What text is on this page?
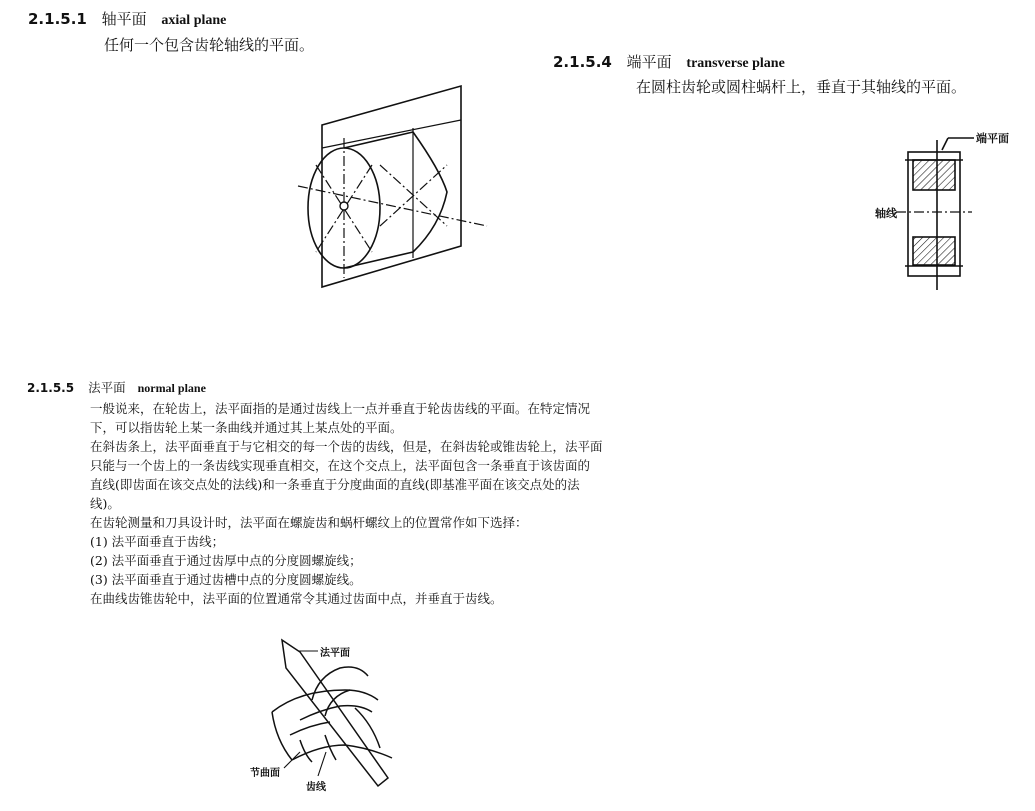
2.1.5.1 轴平面 axial plane
任何一个包含齿轮轴线的平面。
2.1.5.4 端平面 transverse plane
在圆柱齿轮或圆柱蜗杆上，垂直于其轴线的平面。
端平面
轴线
2.1.5.5 法平面 normal plane
一般说来，在轮齿上，法平面指的是通过齿线上一点并垂直于轮齿齿线的平面。在特定情况
下，可以指齿轮上某一条曲线并通过其上某点处的平面。
在斜齿条上，法平面垂直于与它相交的每一个齿的齿线，但是，在斜齿轮或锥齿轮上，法平面
只能与一个齿上的一条齿线实现垂直相交，在这个交点上，法平面包含一条垂直于该齿面的
直线(即齿面在该交点处的法线)和一条垂直于分度曲面的直线(即基准平面在该交点处的法
线)。
在齿轮测量和刀具设计时，法平面在螺旋齿和蜗杆螺纹上的位置常作如下选择：
(1) 法平面垂直于齿线；
(2) 法平面垂直于通过齿厚中点的分度圆螺旋线；
(3) 法平面垂直于通过齿槽中点的分度圆螺旋线。
在曲线齿锥齿轮中，法平面的位置通常令其通过齿面中点，并垂直于齿线。
法平面
节曲面
齿线
